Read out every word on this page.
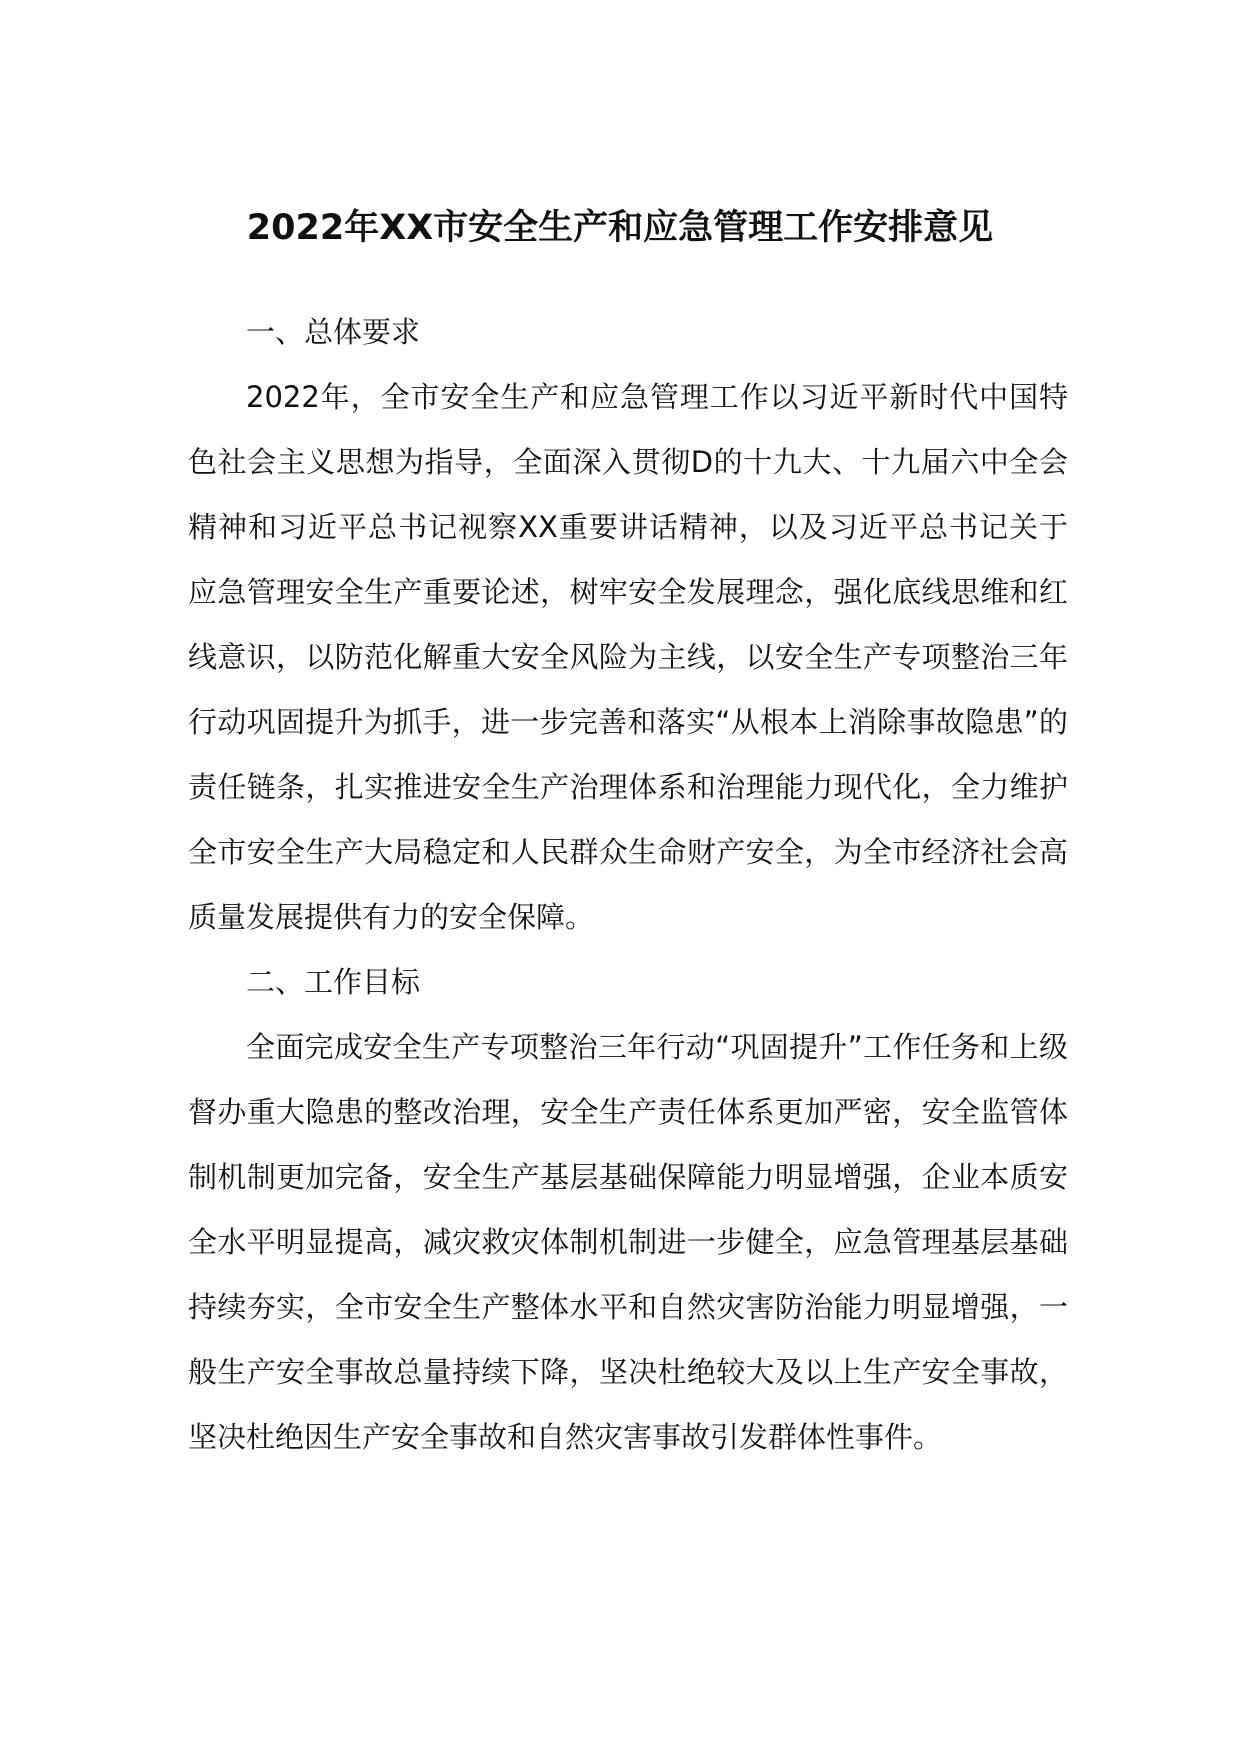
2022年XX市安全生产和应急管理工作安排意见

一、总体要求

2022年，全市安全生产和应急管理工作以习近平新时代中国特色社会主义思想为指导，全面深入贯彻D的十九大、十九届六中全会精神和习近平总书记视察XX重要讲话精神，以及习近平总书记关于应急管理安全生产重要论述，树牢安全发展理念，强化底线思维和红线意识，以防范化解重大安全风险为主线，以安全生产专项整治三年行动巩固提升为抓手，进一步完善和落实“从根本上消除事故隐患”的责任链条，扎实推进安全生产治理体系和治理能力现代化，全力维护全市安全生产大局稳定和人民群众生命财产安全，为全市经济社会高质量发展提供有力的安全保障。

二、工作目标

全面完成安全生产专项整治三年行动“巩固提升”工作任务和上级督办重大隐患的整改治理，安全生产责任体系更加严密，安全监管体制机制更加完备，安全生产基层基础保障能力明显增强，企业本质安全水平明显提高，减灾救灾体制机制进一步健全，应急管理基层基础持续夯实，全市安全生产整体水平和自然灾害防治能力明显增强，一般生产安全事故总量持续下降，坚决杜绝较大及以上生产安全事故，坚决杜绝因生产安全事故和自然灾害事故引发群体性事件。
